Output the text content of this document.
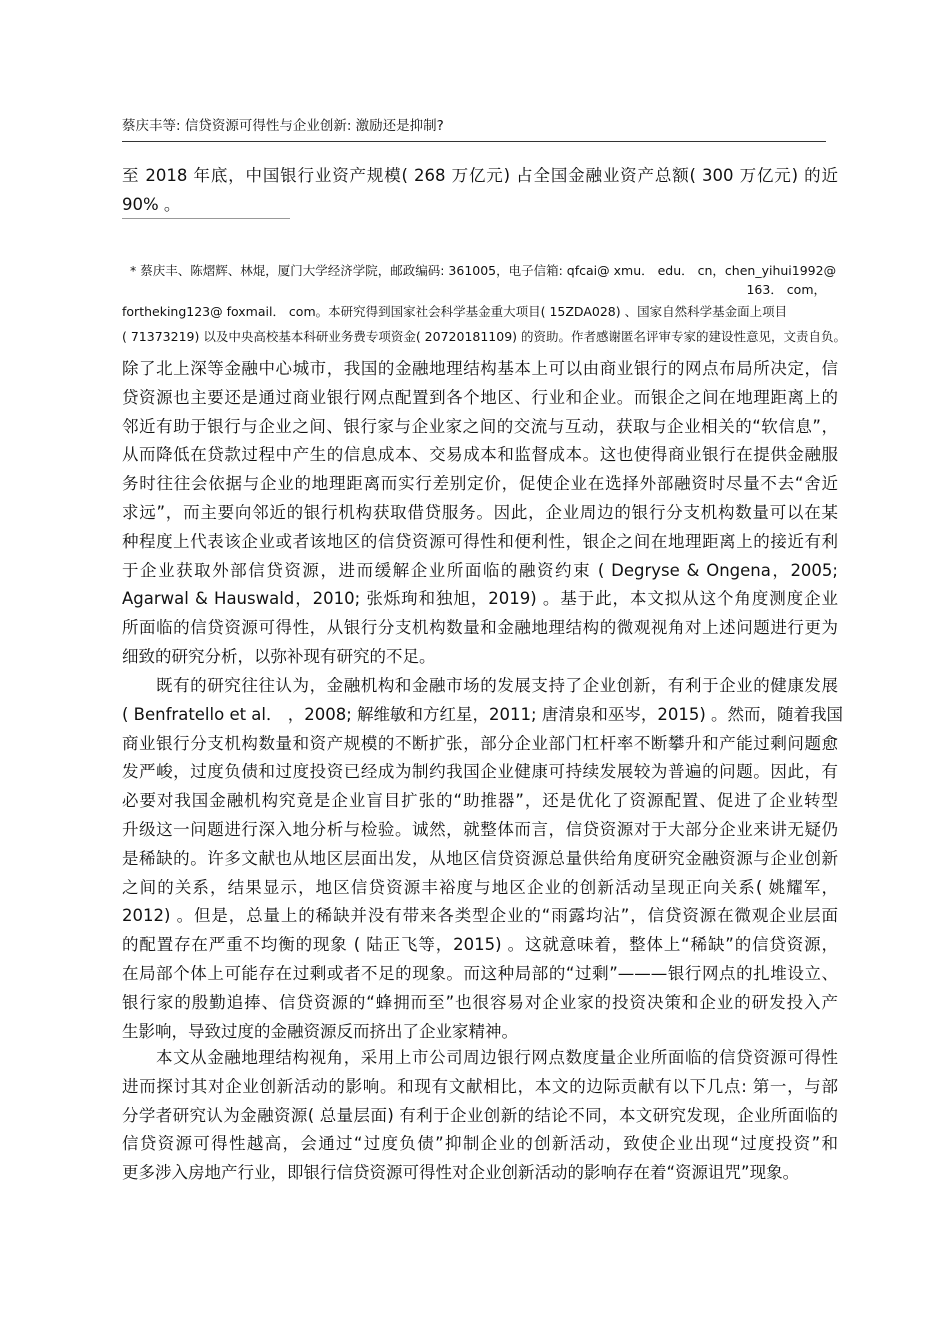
蔡庆丰等: 信贷资源可得性与企业创新: 激励还是抑制?
至 2018 年底，中国银行业资产规模( 268 万亿元) 占全国金融业资产总额( 300 万亿元) 的近
90% 。
* 蔡庆丰、陈熠辉、林焜，厦门大学经济学院，邮政编码: 361005，电子信箱: qfcai@ xmu． edu． cn，chen_yihui1992@
163． com，
fortheking123@ foxmail． com。本研究得到国家社会科学基金重大项目( 15ZDA028) 、国家自然科学基金面上项目
( 71373219) 以及中央高校基本科研业务费专项资金( 20720181109) 的资助。作者感谢匿名评审专家的建设性意见，文责自负。
除了北上深等金融中心城市，我国的金融地理结构基本上可以由商业银行的网点布局所决定，信
贷资源也主要还是通过商业银行网点配置到各个地区、行业和企业。而银企之间在地理距离上的
邻近有助于银行与企业之间、银行家与企业家之间的交流与互动，获取与企业相关的“软信息”，
从而降低在贷款过程中产生的信息成本、交易成本和监督成本。这也使得商业银行在提供金融服
务时往往会依据与企业的地理距离而实行差别定价，促使企业在选择外部融资时尽量不去“舍近
求远”，而主要向邻近的银行机构获取借贷服务。因此，企业周边的银行分支机构数量可以在某
种程度上代表该企业或者该地区的信贷资源可得性和便利性，银企之间在地理距离上的接近有利
于企业获取外部信贷资源，进而缓解企业所面临的融资约束 ( Degryse & Ongena，2005;
Agarwal & Hauswald，2010; 张烁珣和独旭，2019) 。基于此，本文拟从这个角度测度企业
所面临的信贷资源可得性，从银行分支机构数量和金融地理结构的微观视角对上述问题进行更为
细致的研究分析，以弥补现有研究的不足。
既有的研究往往认为，金融机构和金融市场的发展支持了企业创新，有利于企业的健康发展
( Benfratello et al． ，2008; 解维敏和方红星，2011; 唐清泉和巫岑，2015) 。然而，随着我国
商业银行分支机构数量和资产规模的不断扩张，部分企业部门杠杆率不断攀升和产能过剩问题愈
发严峻，过度负债和过度投资已经成为制约我国企业健康可持续发展较为普遍的问题。因此，有
必要对我国金融机构究竟是企业盲目扩张的“助推器”，还是优化了资源配置、促进了企业转型
升级这一问题进行深入地分析与检验。诚然，就整体而言，信贷资源对于大部分企业来讲无疑仍
是稀缺的。许多文献也从地区层面出发，从地区信贷资源总量供给角度研究金融资源与企业创新
之间的关系，结果显示，地区信贷资源丰裕度与地区企业的创新活动呈现正向关系( 姚耀军，
2012) 。但是，总量上的稀缺并没有带来各类型企业的“雨露均沾”，信贷资源在微观企业层面
的配置存在严重不均衡的现象 ( 陆正飞等，2015) 。这就意味着，整体上“稀缺”的信贷资源，
在局部个体上可能存在过剩或者不足的现象。而这种局部的“过剩”———银行网点的扎堆设立、
银行家的殷勤追捧、信贷资源的“蜂拥而至”也很容易对企业家的投资决策和企业的研发投入产
生影响，导致过度的金融资源反而挤出了企业家精神。
本文从金融地理结构视角，采用上市公司周边银行网点数度量企业所面临的信贷资源可得性
进而探讨其对企业创新活动的影响。和现有文献相比，本文的边际贡献有以下几点: 第一，与部
分学者研究认为金融资源( 总量层面) 有利于企业创新的结论不同，本文研究发现，企业所面临的
信贷资源可得性越高，会通过“过度负债”抑制企业的创新活动，致使企业出现“过度投资”和
更多涉入房地产行业，即银行信贷资源可得性对企业创新活动的影响存在着“资源诅咒”现象。
